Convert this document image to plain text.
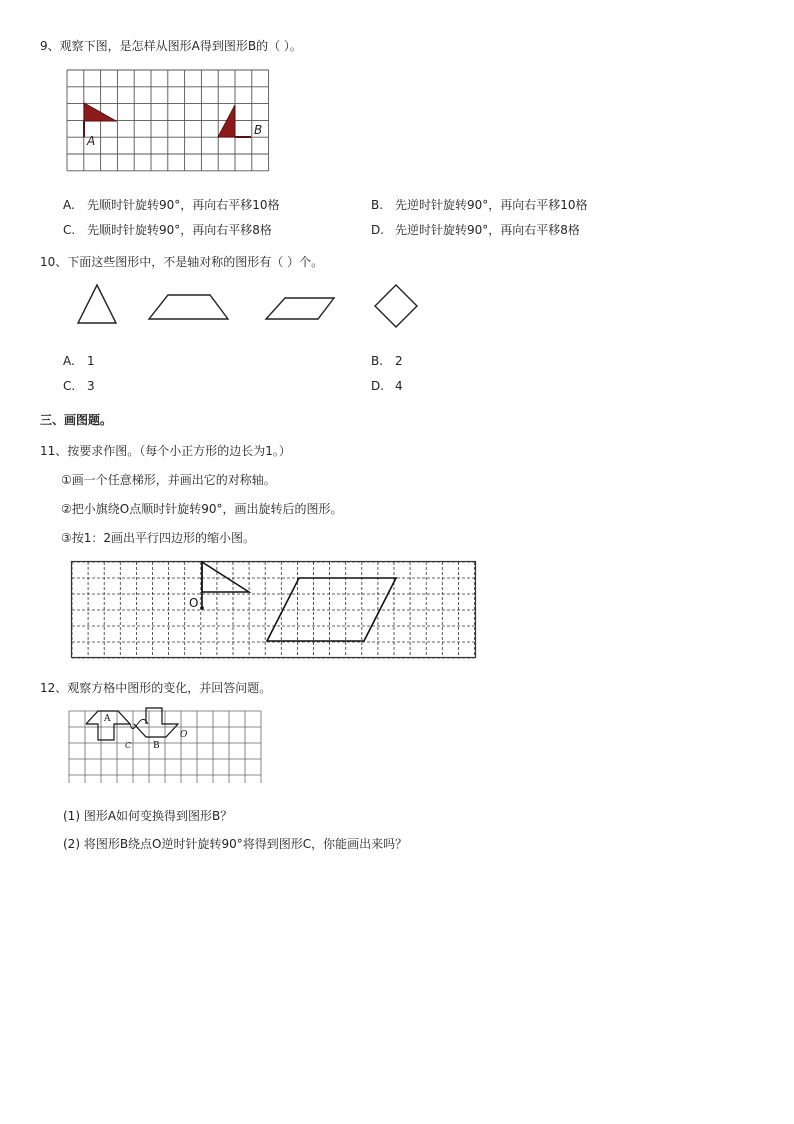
9、观察下图，是怎样从图形A得到图形B的（ ）。
A
B
A. 先顺时针旋转90°，再向右平移10格	B. 先逆时针旋转90°，再向右平移10格
C. 先顺时针旋转90°，再向右平移8格	D. 先逆时针旋转90°，再向右平移8格
10、下面这些图形中，不是轴对称的图形有（ ）个。
A. 1	B. 2
C. 3	D. 4
三、画图题。
11、按要求作图。（每个小正方形的边长为1。）
①画一个任意梯形，并画出它的对称轴。
②把小旗绕O点顺时针旋转90°，画出旋转后的图形。
③按1：2画出平行四边形的缩小图。
O
12、观察方格中图形的变化，并回答问题。
A
C B
O
(1) 图形A如何变换得到图形B？
(2) 将图形B绕点O逆时针旋转90°将得到图形C，你能画出来吗？
